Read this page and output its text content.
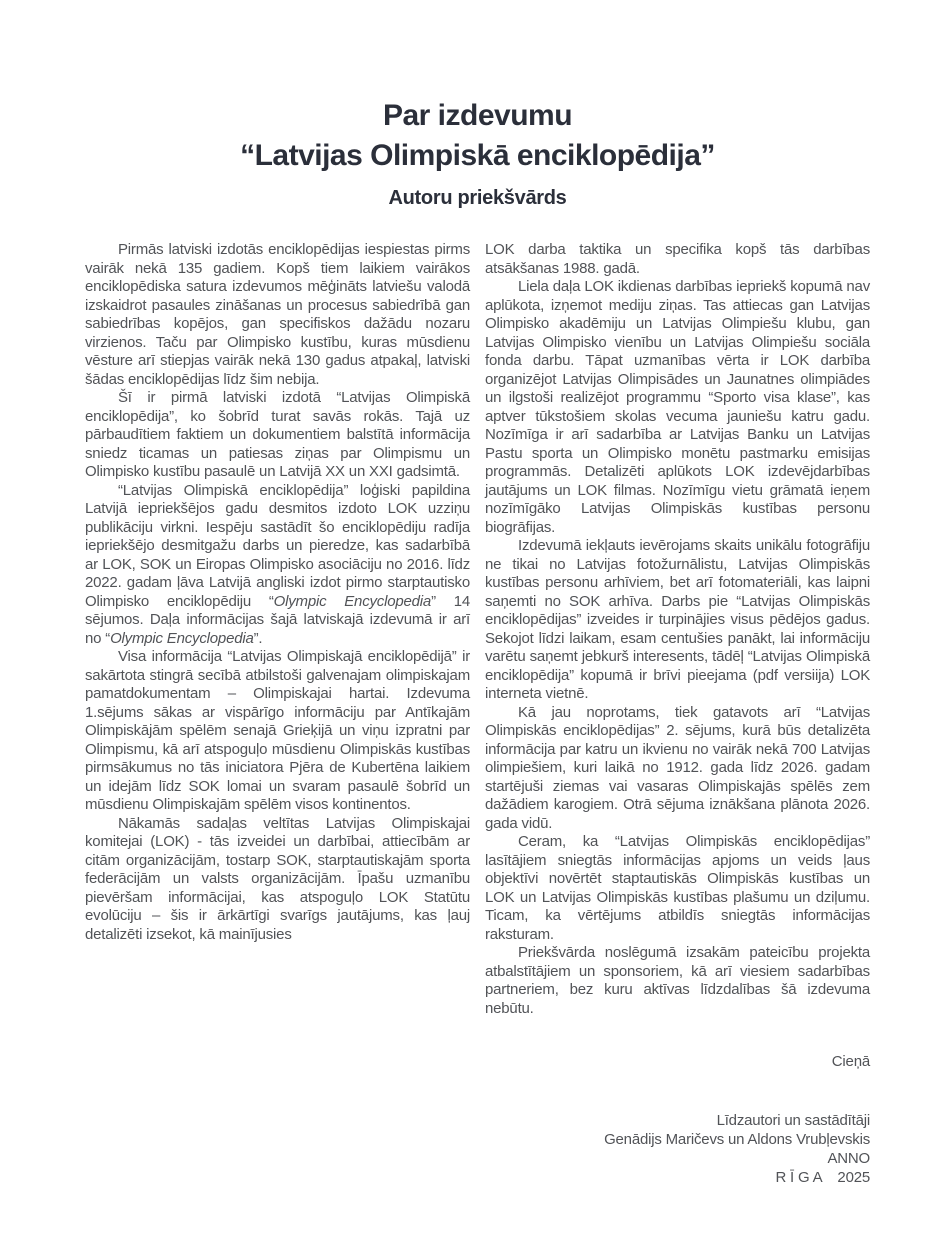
Par izdevumu
“Latvijas Olimpiskā enciklopēdija”
Autoru priekšvārds

Pirmās latviski izdotās enciklopēdijas iespiestas pirms vairāk nekā 135 gadiem. Kopš tiem laikiem vairākos enciklopēdiska satura izdevumos mēģināts latviešu valodā izskaidrot pasaules zināšanas un procesus sabiedrībā gan sabiedrības kopējos, gan specifiskos dažādu nozaru virzienos. Taču par Olimpisko kustību, kuras mūsdienu vēsture arī stiepjas vairāk nekā 130 gadus atpakaļ, latviski šādas enciklopēdijas līdz šim nebija.

Šī ir pirmā latviski izdotā “Latvijas Olimpiskā enciklopēdija”, ko šobrīd turat savās rokās. Tajā uz pārbaudītiem faktiem un dokumentiem balstītā informācija sniedz ticamas un patiesas ziņas par Olimpismu un Olimpisko kustību pasaulē un Latvijā XX un XXI gadsimtā.

“Latvijas Olimpiskā enciklopēdija” loģiski papildina Latvijā iepriekšējos gadu desmitos izdoto LOK uzziņu publikāciju virkni. Iespēju sastādīt šo enciklopēdiju radīja iepriekšējo desmitgažu darbs un pieredze, kas sadarbībā ar LOK, SOK un Eiropas Olimpisko asociāciju no 2016. līdz 2022. gadam ļāva Latvijā angliski izdot pirmo starptautisko Olimpisko enciklopēdiju “Olympic Encyclopedia” 14 sējumos. Daļa informācijas šajā latviskajā izdevumā ir arī no “Olympic Encyclopedia”.

Visa informācija “Latvijas Olimpiskajā enciklopēdijā” ir sakārtota stingrā secībā atbilstoši galvenajam olimpiskajam pamatdokumentam – Olimpiskajai hartai. Izdevuma 1.sējums sākas ar vispārīgo informāciju par Antīkajām Olimpiskājām spēlēm senajā Grieķijā un viņu izpratni par Olimpismu, kā arī atspoguļo mūsdienu Olimpiskās kustības pirmsākumus no tās iniciatora Pjēra de Kubertēna laikiem un idejām līdz SOK lomai un svaram pasaulē šobrīd un mūsdienu Olimpiskajām spēlēm visos kontinentos.

Nākamās sadaļas veltītas Latvijas Olimpiskajai komitejai (LOK) - tās izveidei un darbībai, attiecībām ar citām organizācijām, tostarp SOK, starptautiskajām sporta federācijām un valsts organizācijām. Īpašu uzmanību pievēršam informācijai, kas atspoguļo LOK Statūtu evolūciju – šis ir ārkārtīgi svarīgs jautājums, kas ļauj detalizēti izsekot, kā mainījusies

LOK darba taktika un specifika kopš tās darbības atsākšanas 1988. gadā.

Liela daļa LOK ikdienas darbības iepriekš kopumā nav aplūkota, izņemot mediju ziņas. Tas attiecas gan Latvijas Olimpisko akadēmiju un Latvijas Olimpiešu klubu, gan Latvijas Olimpisko vienību un Latvijas Olimpiešu sociāla fonda darbu. Tāpat uzmanības vērta ir LOK darbība organizējot Latvijas Olimpisādes un Jaunatnes olimpiādes un ilgstoši realizējot programmu “Sporto visa klase”, kas aptver tūkstošiem skolas vecuma jauniešu katru gadu. Nozīmīga ir arī sadarbība ar Latvijas Banku un Latvijas Pastu sporta un Olimpisko monētu pastmarku emisijas programmās. Detalizēti aplūkots LOK izdevējdarbības jautājums un LOK filmas. Nozīmīgu vietu grāmatā ieņem nozīmīgāko Latvijas Olimpiskās kustības personu biogrāfijas.

Izdevumā iekļauts ievērojams skaits unikālu fotogrāfiju ne tikai no Latvijas fotožurnālistu, Latvijas Olimpiskās kustības personu arhīviem, bet arī fotomateriāli, kas laipni saņemti no SOK arhīva. Darbs pie “Latvijas Olimpiskās enciklopēdijas” izveides ir turpinājies visus pēdējos gadus. Sekojot līdzi laikam, esam centušies panākt, lai informāciju varētu saņemt jebkurš interesents, tādēļ “Latvijas Olimpiskā enciklopēdija” kopumā ir brīvi pieejama (pdf versiija) LOK interneta vietnē.

Kā jau noprotams, tiek gatavots arī “Latvijas Olimpiskās enciklopēdijas” 2. sējums, kurā būs detalizēta informācija par katru un ikvienu no vairāk nekā 700 Latvijas olimpiešiem, kuri laikā no 1912. gada līdz 2026. gadam startējuši ziemas vai vasaras Olimpiskajās spēlēs zem dažādiem karogiem. Otrā sējuma iznākšana plānota 2026. gada vidū.

Ceram, ka “Latvijas Olimpiskās enciklopēdijas” lasītājiem sniegtās informācijas apjoms un veids ļaus objektīvi novērtēt staptautiskās Olimpiskās kustības un LOK un Latvijas Olimpiskās kustības plašumu un dziļumu. Ticam, ka vērtējums atbildīs sniegtās informācijas raksturam.

Priekšvārda noslēgumā izsakām pateicību projekta atbalstītājiem un sponsoriem, kā arī viesiem sadarbības partneriem, bez kuru aktīvas līdzdalības šā izdevuma nebūtu.

Cieņā
Līdzautori un sastādītāji
Genādijs Maričevs un Aldons Vrubļevskis
ANNO
R Ī G A    2025
